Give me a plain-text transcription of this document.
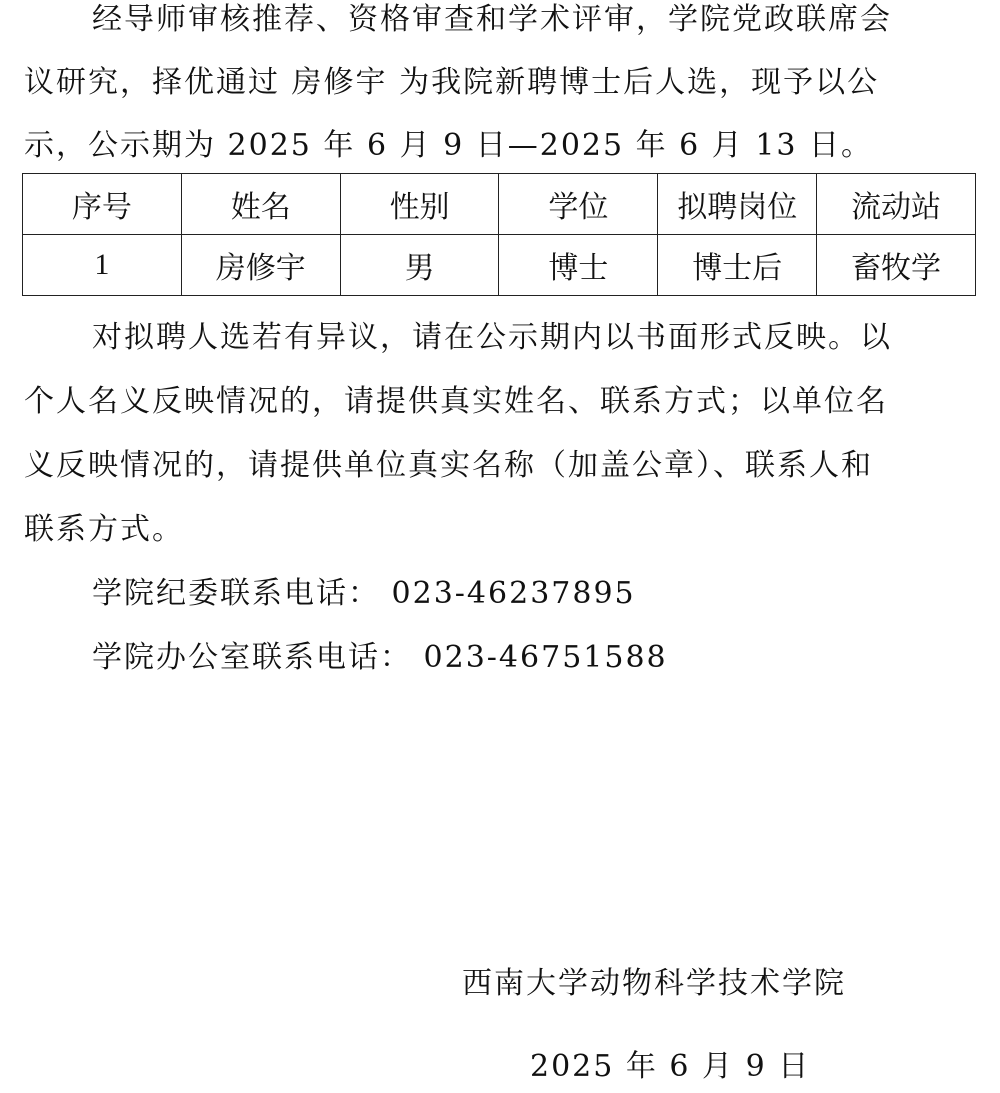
经导师审核推荐、资格审查和学术评审，学院党政联席会
议研究，择优通过 房修宇 为我院新聘博士后人选，现予以公
示，公示期为 2025 年 6 月 9 日—2025 年 6 月 13 日。
序号	姓名	性别	学位	拟聘岗位	流动站
1	房修宇	男	博士	博士后	畜牧学
对拟聘人选若有异议，请在公示期内以书面形式反映。以
个人名义反映情况的，请提供真实姓名、联系方式；以单位名
义反映情况的，请提供单位真实名称（加盖公章）、联系人和
联系方式。
学院纪委联系电话： 023-46237895
学院办公室联系电话： 023-46751588
西南大学动物科学技术学院
2025 年 6 月 9 日
